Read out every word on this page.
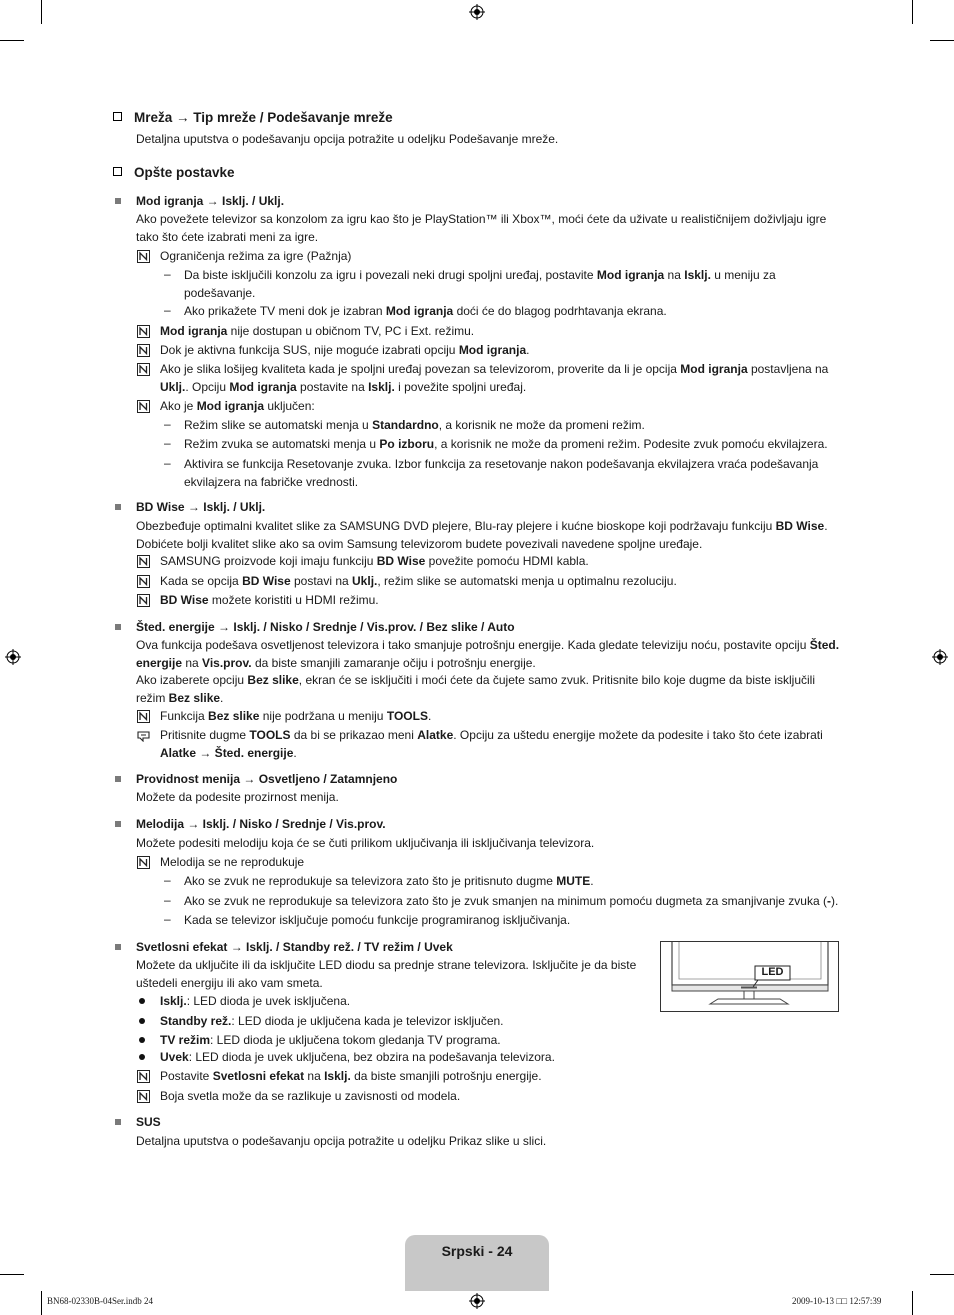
Mreža → Tip mreže / Podešavanje mreže
Detaljna uputstva o podešavanju opcija potražite u odeljku Podešavanje mreže.
Opšte postavke
Mod igranja → Isklj. / Uklj.
Ako povežete televizor sa konzolom za igru kao što je PlayStation™ ili Xbox™, moći ćete da uživate u realističnijem doživljaju igre tako što ćete izabrati meni za igre.
Ograničenja režima za igre (Pažnja)
– Da biste isključili konzolu za igru i povezali neki drugi spoljni uređaj, postavite Mod igranja na Isklj. u meniju za podešavanje.
– Ako prikažete TV meni dok je izabran Mod igranja doći će do blagog podrhtavanja ekrana.
Mod igranja nije dostupan u običnom TV, PC i Ext. režimu.
Dok je aktivna funkcija SUS, nije moguće izabrati opciju Mod igranja.
Ako je slika lošijeg kvaliteta kada je spoljni uređaj povezan sa televizorom, proverite da li je opcija Mod igranja postavljena na Uklj.. Opciju Mod igranja postavite na Isklj. i povežite spoljni uređaj.
Ako je Mod igranja uključen:
– Režim slike se automatski menja u Standardno, a korisnik ne može da promeni režim.
– Režim zvuka se automatski menja u Po izboru, a korisnik ne može da promeni režim. Podesite zvuk pomoću ekvilajzera.
– Aktivira se funkcija Resetovanje zvuka. Izbor funkcija za resetovanje nakon podešavanja ekvilajzera vraća podešavanja ekvilajzera na fabričke vrednosti.
BD Wise → Isklj. / Uklj.
Obezbeđuje optimalni kvalitet slike za SAMSUNG DVD plejere, Blu-ray plejere i kućne bioskope koji podržavaju funkciju BD Wise. Dobićete bolji kvalitet slike ako sa ovim Samsung televizorom budete povezivali navedene spoljne uređaje.
SAMSUNG proizvode koji imaju funkciju BD Wise povežite pomoću HDMI kabla.
Kada se opcija BD Wise postavi na Uklj., režim slike se automatski menja u optimalnu rezoluciju.
BD Wise možete koristiti u HDMI režimu.
Šted. energije → Isklj. / Nisko / Srednje / Vis.prov. / Bez slike / Auto
Ova funkcija podešava osvetljenost televizora i tako smanjuje potrošnju energije. Kada gledate televiziju noću, postavite opciju Šted. energije na Vis.prov. da biste smanjili zamaranje očiju i potrošnju energije.
Ako izaberete opciju Bez slike, ekran će se isključiti i moći ćete da čujete samo zvuk. Pritisnite bilo koje dugme da biste isključili režim Bez slike.
Funkcija Bez slike nije podržana u meniju TOOLS.
Pritisnite dugme TOOLS da bi se prikazao meni Alatke. Opciju za uštedu energije možete da podesite i tako što ćete izabrati Alatke → Šted. energije.
Providnost menija → Osvetljeno / Zatamnjeno
Možete da podesite prozirnost menija.
Melodija → Isklj. / Nisko / Srednje / Vis.prov.
Možete podesiti melodiju koja će se čuti prilikom uključivanja ili isključivanja televizora.
Melodija se ne reprodukuje
– Ako se zvuk ne reprodukuje sa televizora zato što je pritisnuto dugme MUTE.
– Ako se zvuk ne reprodukuje sa televizora zato što je zvuk smanjen na minimum pomoću dugmeta za smanjivanje zvuka (-).
– Kada se televizor isključuje pomoću funkcije programiranog isključivanja.
Svetlosni efekat → Isklj. / Standby rež. / TV režim / Uvek
Možete da uključite ili da isključite LED diodu sa prednje strane televizora. Isključite je da biste uštedeli energiju ili ako vam smeta.
LED
Isklj.: LED dioda je uvek isključena.
Standby rež.: LED dioda je uključena kada je televizor isključen.
TV režim: LED dioda je uključena tokom gledanja TV programa.
Uvek: LED dioda je uvek uključena, bez obzira na podešavanja televizora.
Postavite Svetlosni efekat na Isklj. da biste smanjili potrošnju energije.
Boja svetla može da se razlikuje u zavisnosti od modela.
SUS
Detaljna uputstva o podešavanju opcija potražite u odeljku Prikaz slike u slici.
Srpski - 24
BN68-02330B-04Ser.indb 24	2009-10-13 □□ 12:57:39
